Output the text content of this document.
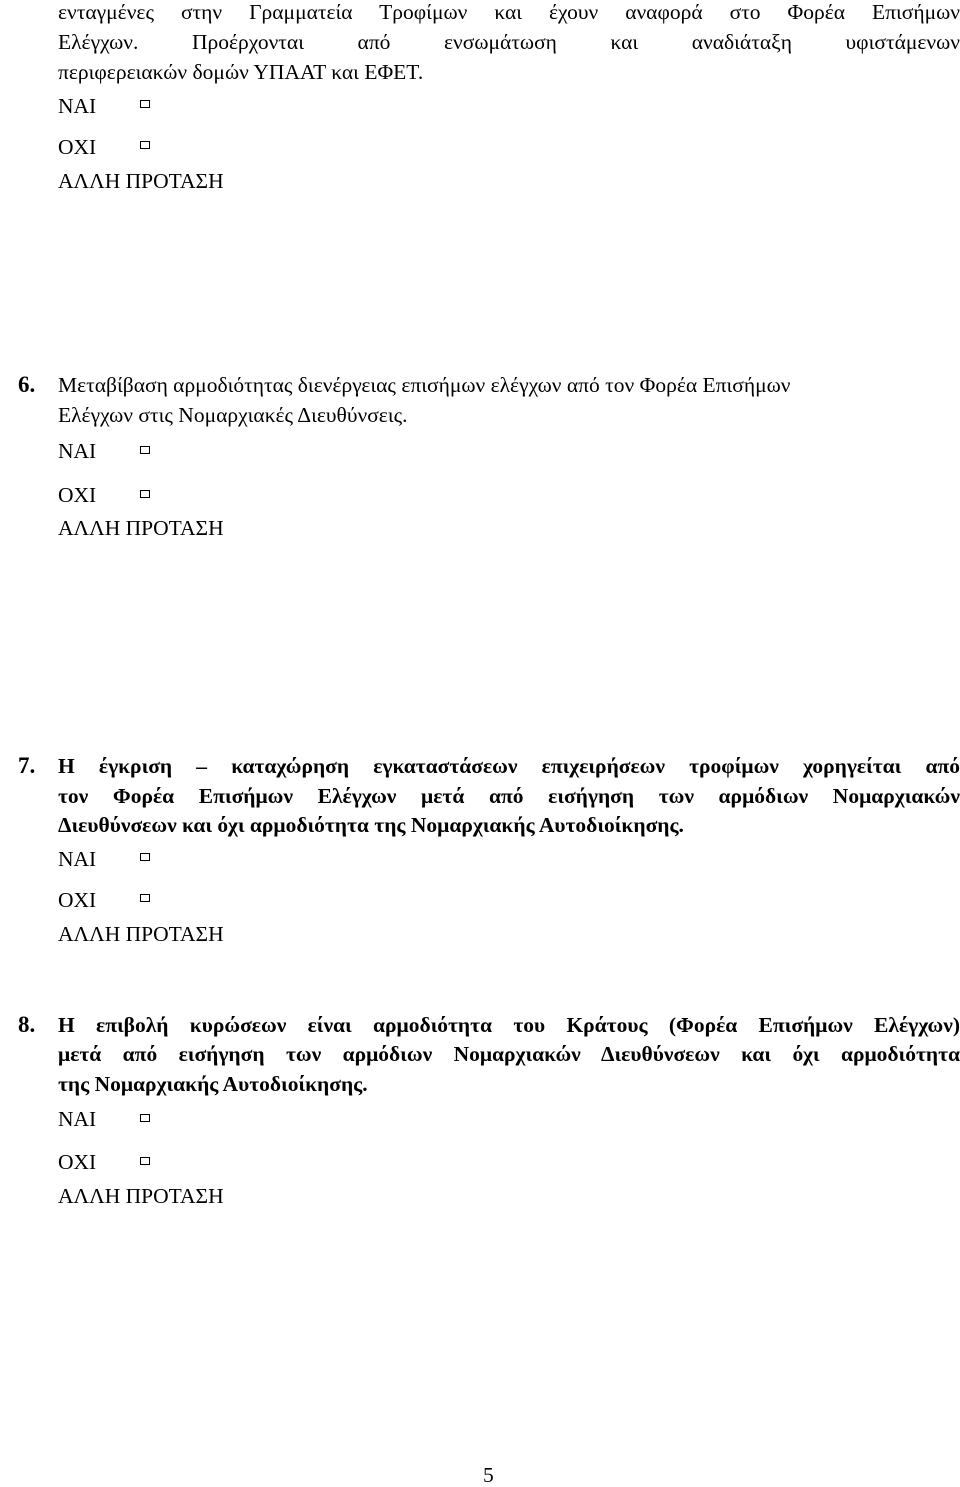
ενταγμένες στην Γραμματεία Τροφίμων και έχουν αναφορά στο Φορέα Επισήμων
Ελέγχων. Προέρχονται από ενσωμάτωση και αναδιάταξη υφιστάμενων
περιφερειακών δομών ΥΠΑΑΤ και ΕΦΕΤ.
ΝΑΙ
ΟΧΙ
ΑΛΛΗ ΠΡΟΤΑΣΗ
6. Μεταβίβαση αρμοδιότητας διενέργειας επισήμων ελέγχων από τον Φορέα Επισήμων
Ελέγχων στις Νομαρχιακές Διευθύνσεις.
ΝΑΙ
ΟΧΙ
ΑΛΛΗ ΠΡΟΤΑΣΗ
7. Η έγκριση – καταχώρηση εγκαταστάσεων επιχειρήσεων τροφίμων χορηγείται από
τον Φορέα Επισήμων Ελέγχων μετά από εισήγηση των αρμόδιων Νομαρχιακών
Διευθύνσεων και όχι αρμοδιότητα της Νομαρχιακής Αυτοδιοίκησης.
ΝΑΙ
ΟΧΙ
ΑΛΛΗ ΠΡΟΤΑΣΗ
8. Η επιβολή κυρώσεων είναι αρμοδιότητα του Κράτους (Φορέα Επισήμων Ελέγχων)
μετά από εισήγηση των αρμόδιων Νομαρχιακών Διευθύνσεων και όχι αρμοδιότητα
της Νομαρχιακής Αυτοδιοίκησης.
ΝΑΙ
ΟΧΙ
ΑΛΛΗ ΠΡΟΤΑΣΗ
5
